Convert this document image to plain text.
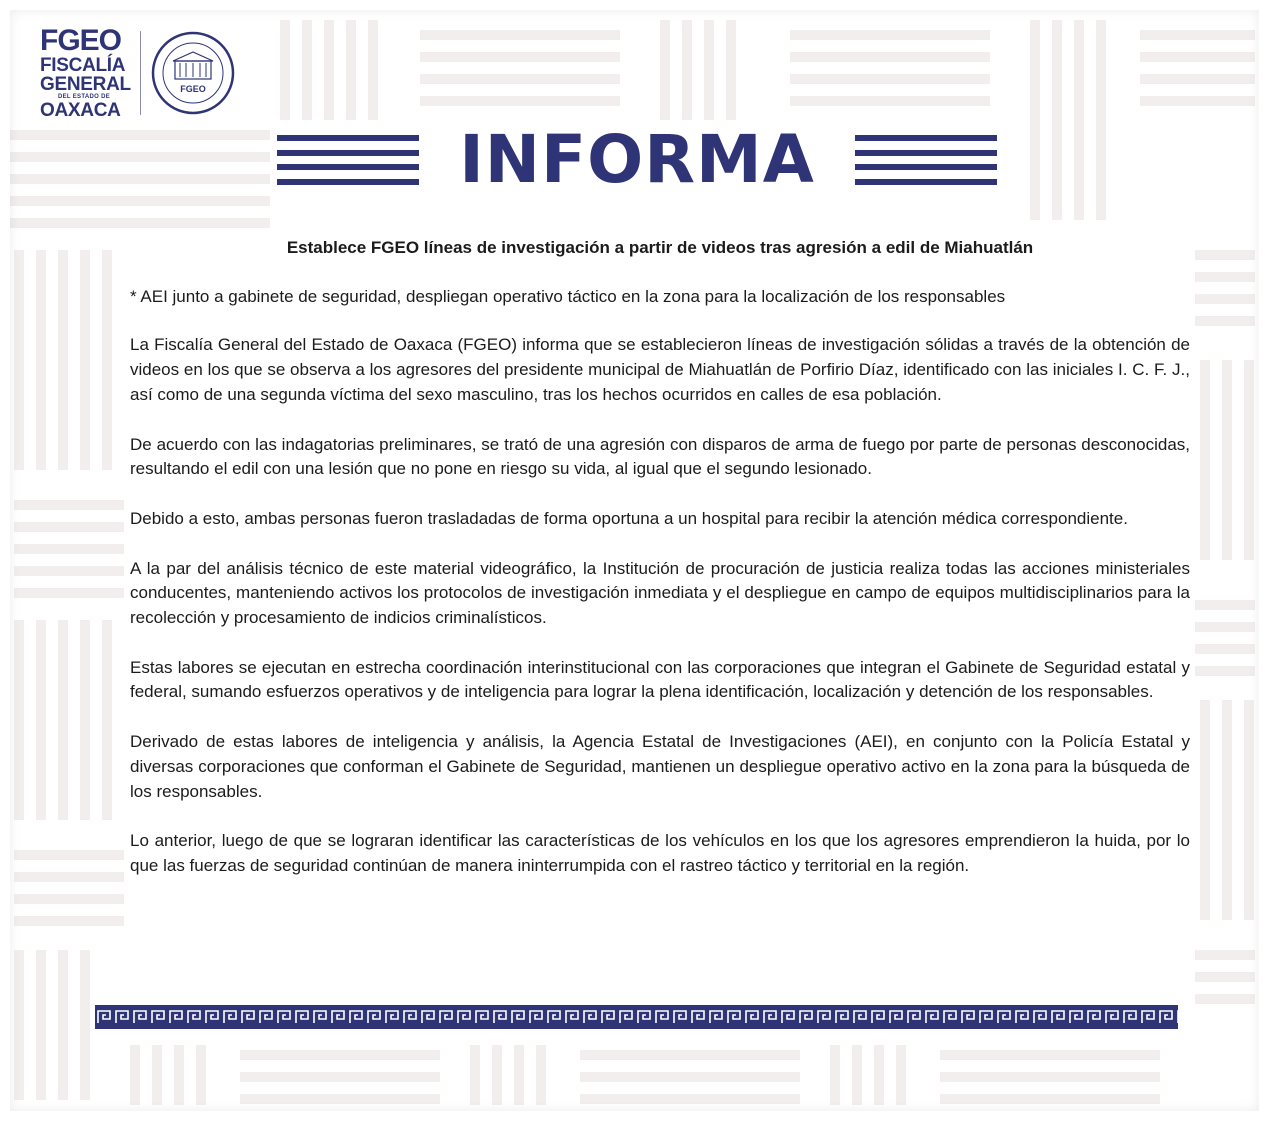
FGEO
FISCALÍA
GENERAL
DEL ESTADO DE
OAXACA
FGEO
INFORMA
Establece FGEO líneas de investigación a partir de videos tras agresión a edil de Miahuatlán
* AEI junto a gabinete de seguridad, despliegan operativo táctico en la zona para la localización de los responsables

La Fiscalía General del Estado de Oaxaca (FGEO) informa que se establecieron líneas de investigación sólidas a través de la obtención de videos en los que se observa a los agresores del presidente municipal de Miahuatlán de Porfirio Díaz, identificado con las iniciales I. C. F. J., así como de una segunda víctima del sexo masculino, tras los hechos ocurridos en calles de esa población.

De acuerdo con las indagatorias preliminares, se trató de una agresión con disparos de arma de fuego por parte de personas desconocidas, resultando el edil con una lesión que no pone en riesgo su vida, al igual que el segundo lesionado.

Debido a esto, ambas personas fueron trasladadas de forma oportuna a un hospital para recibir la atención médica correspondiente.

A la par del análisis técnico de este material videográfico, la Institución de procuración de justicia realiza todas las acciones ministeriales conducentes, manteniendo activos los protocolos de investigación inmediata y el despliegue en campo de equipos multidisciplinarios para la recolección y procesamiento de indicios criminalísticos.

Estas labores se ejecutan en estrecha coordinación interinstitucional con las corporaciones que integran el Gabinete de Seguridad estatal y federal, sumando esfuerzos operativos y de inteligencia para lograr la plena identificación, localización y detención de los responsables.

Derivado de estas labores de inteligencia y análisis, la Agencia Estatal de Investigaciones (AEI), en conjunto con la Policía Estatal y diversas corporaciones que conforman el Gabinete de Seguridad, mantienen un despliegue operativo activo en la zona para la búsqueda de los responsables.

Lo anterior, luego de que se lograran identificar las características de los vehículos en los que los agresores emprendieron la huida, por lo que las fuerzas de seguridad continúan de manera ininterrumpida con el rastreo táctico y territorial en la región.
